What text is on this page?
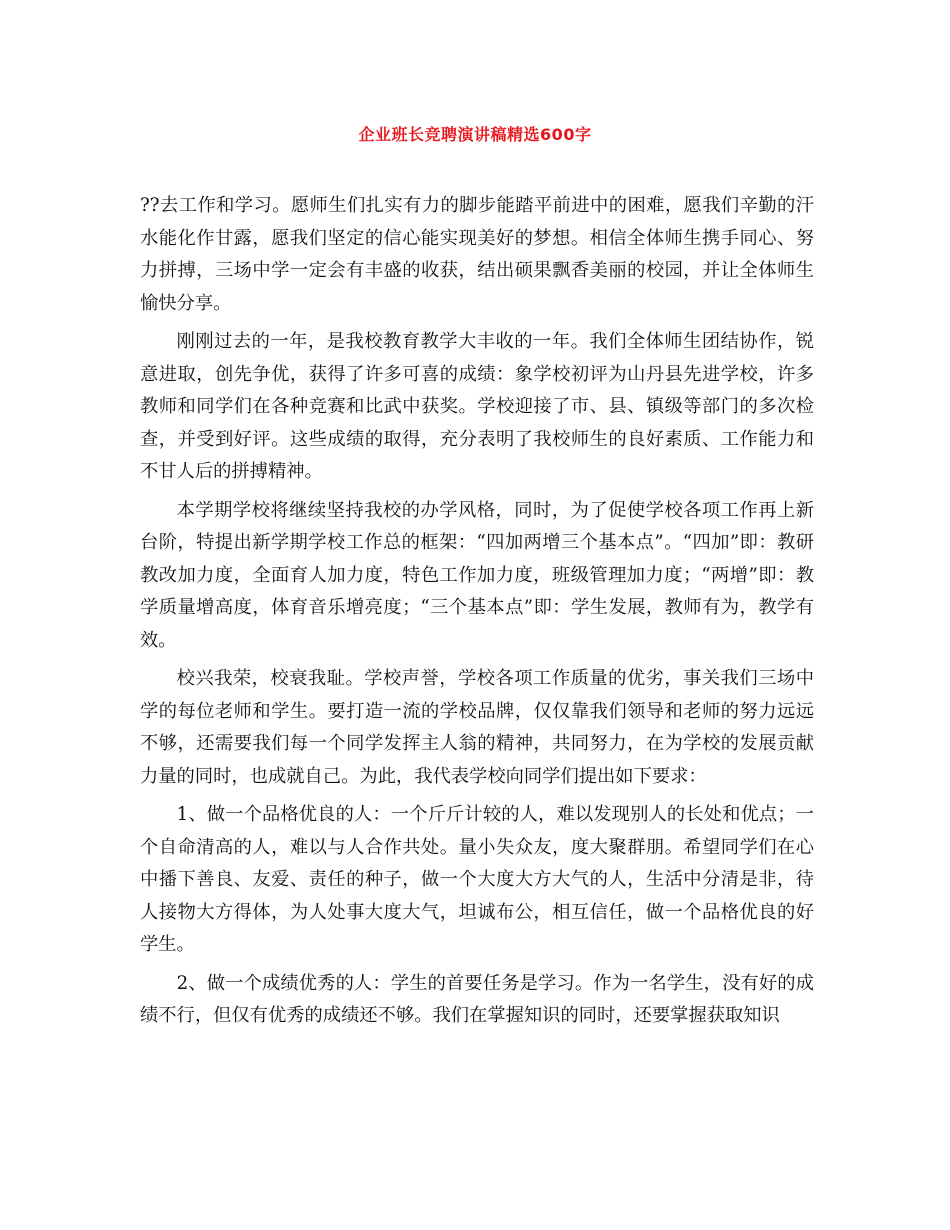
企业班长竞聘演讲稿精选600字

??去工作和学习。愿师生们扎实有力的脚步能踏平前进中的困难，愿我们辛勤的汗水能化作甘露，愿我们坚定的信心能实现美好的梦想。相信全体师生携手同心、努力拼搏，三场中学一定会有丰盛的收获，结出硕果飘香美丽的校园，并让全体师生愉快分享。

刚刚过去的一年，是我校教育教学大丰收的一年。我们全体师生团结协作，锐意进取，创先争优，获得了许多可喜的成绩：象学校初评为山丹县先进学校，许多教师和同学们在各种竞赛和比武中获奖。学校迎接了市、县、镇级等部门的多次检查，并受到好评。这些成绩的取得，充分表明了我校师生的良好素质、工作能力和不甘人后的拼搏精神。

本学期学校将继续坚持我校的办学风格，同时，为了促使学校各项工作再上新台阶，特提出新学期学校工作总的框架：“四加两增三个基本点”。“四加”即：教研教改加力度，全面育人加力度，特色工作加力度，班级管理加力度；“两增”即：教学质量增高度，体育音乐增亮度；“三个基本点”即：学生发展，教师有为，教学有效。

校兴我荣，校衰我耻。学校声誉，学校各项工作质量的优劣，事关我们三场中学的每位老师和学生。要打造一流的学校品牌，仅仅靠我们领导和老师的努力远远不够，还需要我们每一个同学发挥主人翁的精神，共同努力，在为学校的发展贡献力量的同时，也成就自己。为此，我代表学校向同学们提出如下要求：

1、做一个品格优良的人：一个斤斤计较的人，难以发现别人的长处和优点；一个自命清高的人，难以与人合作共处。量小失众友，度大聚群朋。希望同学们在心中播下善良、友爱、责任的种子，做一个大度大方大气的人，生活中分清是非，待人接物大方得体，为人处事大度大气，坦诚布公，相互信任，做一个品格优良的好学生。

2、做一个成绩优秀的人：学生的首要任务是学习。作为一名学生，没有好的成绩不行，但仅有优秀的成绩还不够。我们在掌握知识的同时，还要掌握获取知识
